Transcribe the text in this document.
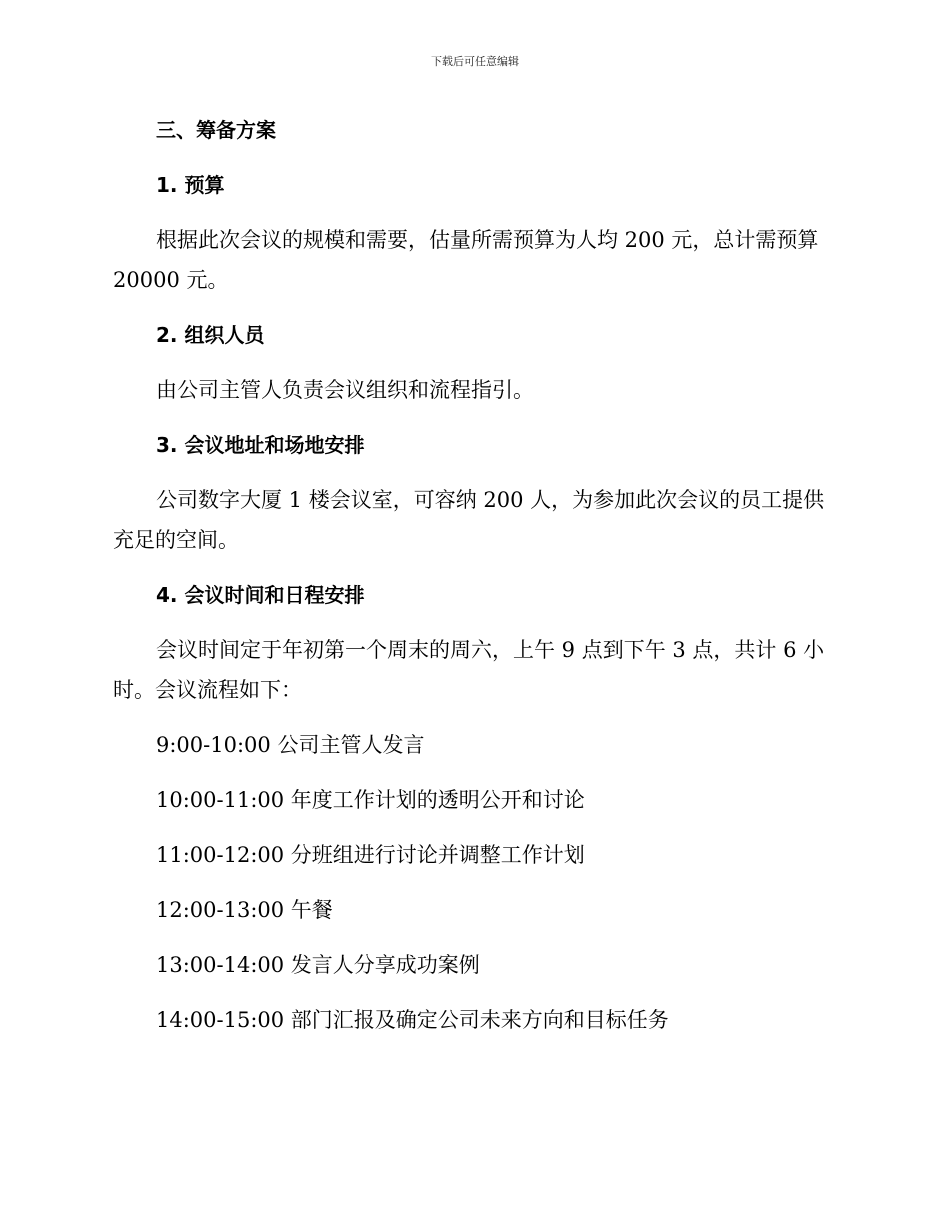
下载后可任意编辑
三、筹备方案
1. 预算
根据此次会议的规模和需要，估量所需预算为人均 200 元，总计需预算
20000 元。
2. 组织人员
由公司主管人负责会议组织和流程指引。
3. 会议地址和场地安排
公司数字大厦 1 楼会议室，可容纳 200 人，为参加此次会议的员工提供
充足的空间。
4. 会议时间和日程安排
会议时间定于年初第一个周末的周六，上午 9 点到下午 3 点，共计 6 小
时。会议流程如下：
9:00-10:00 公司主管人发言
10:00-11:00 年度工作计划的透明公开和讨论
11:00-12:00 分班组进行讨论并调整工作计划
12:00-13:00 午餐
13:00-14:00 发言人分享成功案例
14:00-15:00 部门汇报及确定公司未来方向和目标任务
